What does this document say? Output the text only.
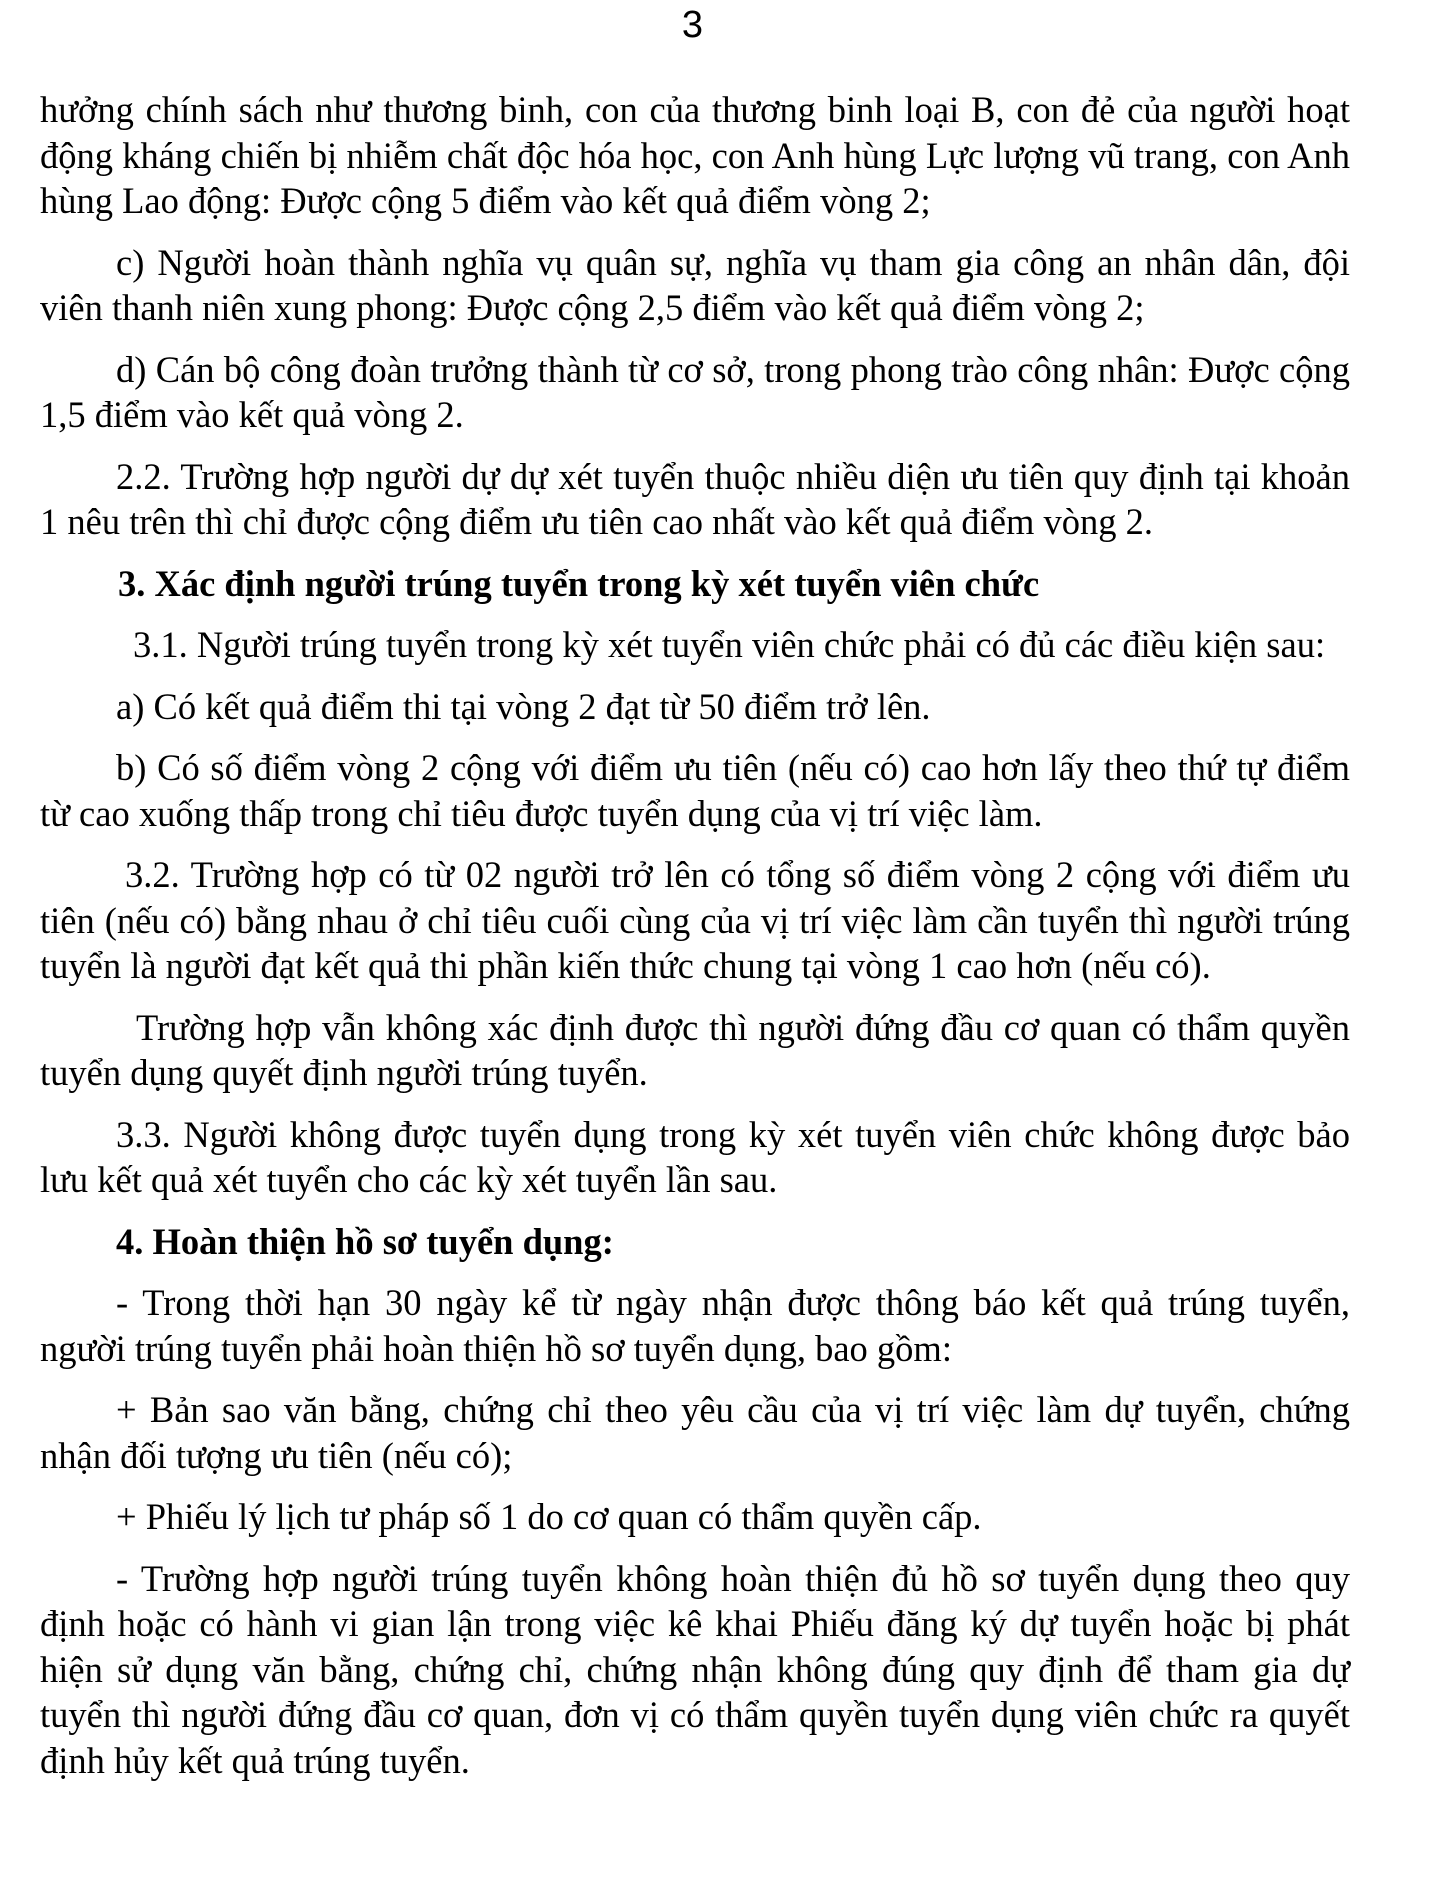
3

hưởng chính sách như thương binh, con của thương binh loại B, con đẻ của người hoạt động kháng chiến bị nhiễm chất độc hóa học, con Anh hùng Lực lượng vũ trang, con Anh hùng Lao động: Được cộng 5 điểm vào kết quả điểm vòng 2;

c) Người hoàn thành nghĩa vụ quân sự, nghĩa vụ tham gia công an nhân dân, đội viên thanh niên xung phong: Được cộng 2,5 điểm vào kết quả điểm vòng 2;

d) Cán bộ công đoàn trưởng thành từ cơ sở, trong phong trào công nhân: Được cộng 1,5 điểm vào kết quả vòng 2.

2.2. Trường hợp người dự dự xét tuyển thuộc nhiều diện ưu tiên quy định tại khoản 1 nêu trên thì chỉ được cộng điểm ưu tiên cao nhất vào kết quả điểm vòng 2.

3. Xác định người trúng tuyển trong kỳ xét tuyển viên chức

3.1. Người trúng tuyển trong kỳ xét tuyển viên chức phải có đủ các điều kiện sau:

a) Có kết quả điểm thi tại vòng 2 đạt từ 50 điểm trở lên.

b) Có số điểm vòng 2 cộng với điểm ưu tiên (nếu có) cao hơn lấy theo thứ tự điểm từ cao xuống thấp trong chỉ tiêu được tuyển dụng của vị trí việc làm.

3.2. Trường hợp có từ 02 người trở lên có tổng số điểm vòng 2 cộng với điểm ưu tiên (nếu có) bằng nhau ở chỉ tiêu cuối cùng của vị trí việc làm cần tuyển thì người trúng tuyển là người đạt kết quả thi phần kiến thức chung tại vòng 1 cao hơn (nếu có).

Trường hợp vẫn không xác định được thì người đứng đầu cơ quan có thẩm quyền tuyển dụng quyết định người trúng tuyển.

3.3. Người không được tuyển dụng trong kỳ xét tuyển viên chức không được bảo lưu kết quả xét tuyển cho các kỳ xét tuyển lần sau.

4. Hoàn thiện hồ sơ tuyển dụng:

- Trong thời hạn 30 ngày kể từ ngày nhận được thông báo kết quả trúng tuyển, người trúng tuyển phải hoàn thiện hồ sơ tuyển dụng, bao gồm:

+ Bản sao văn bằng, chứng chỉ theo yêu cầu của vị trí việc làm dự tuyển, chứng nhận đối tượng ưu tiên (nếu có);

+ Phiếu lý lịch tư pháp số 1 do cơ quan có thẩm quyền cấp.

- Trường hợp người trúng tuyển không hoàn thiện đủ hồ sơ tuyển dụng theo quy định hoặc có hành vi gian lận trong việc kê khai Phiếu đăng ký dự tuyển hoặc bị phát hiện sử dụng văn bằng, chứng chỉ, chứng nhận không đúng quy định để tham gia dự tuyển thì người đứng đầu cơ quan, đơn vị có thẩm quyền tuyển dụng viên chức ra quyết định hủy kết quả trúng tuyển.
